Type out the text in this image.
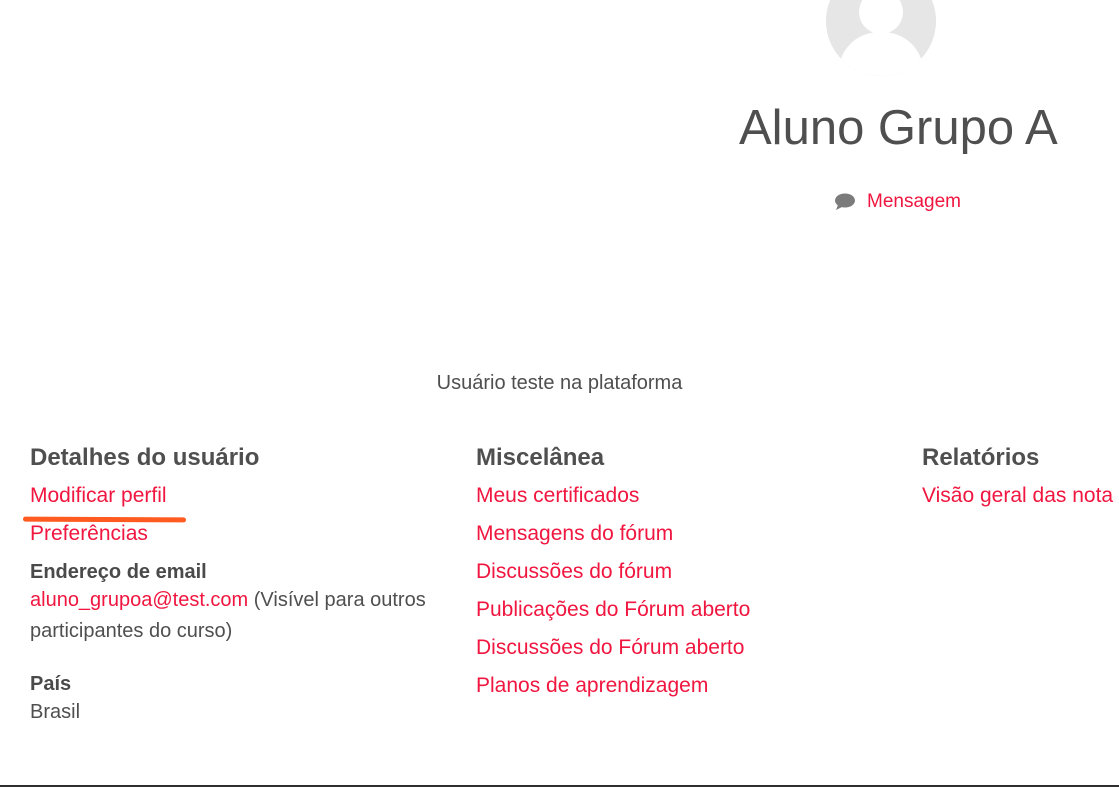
Aluno Grupo A
Mensagem
Usuário teste na plataforma
Detalhes do usuário
Modificar perfil
Preferências
Endereço de email
aluno_grupoa@test.com (Visível para outros participantes do curso)
País
Brasil
Miscelânea
Meus certificados
Mensagens do fórum
Discussões do fórum
Publicações do Fórum aberto
Discussões do Fórum aberto
Planos de aprendizagem
Relatórios
Visão geral das nota
